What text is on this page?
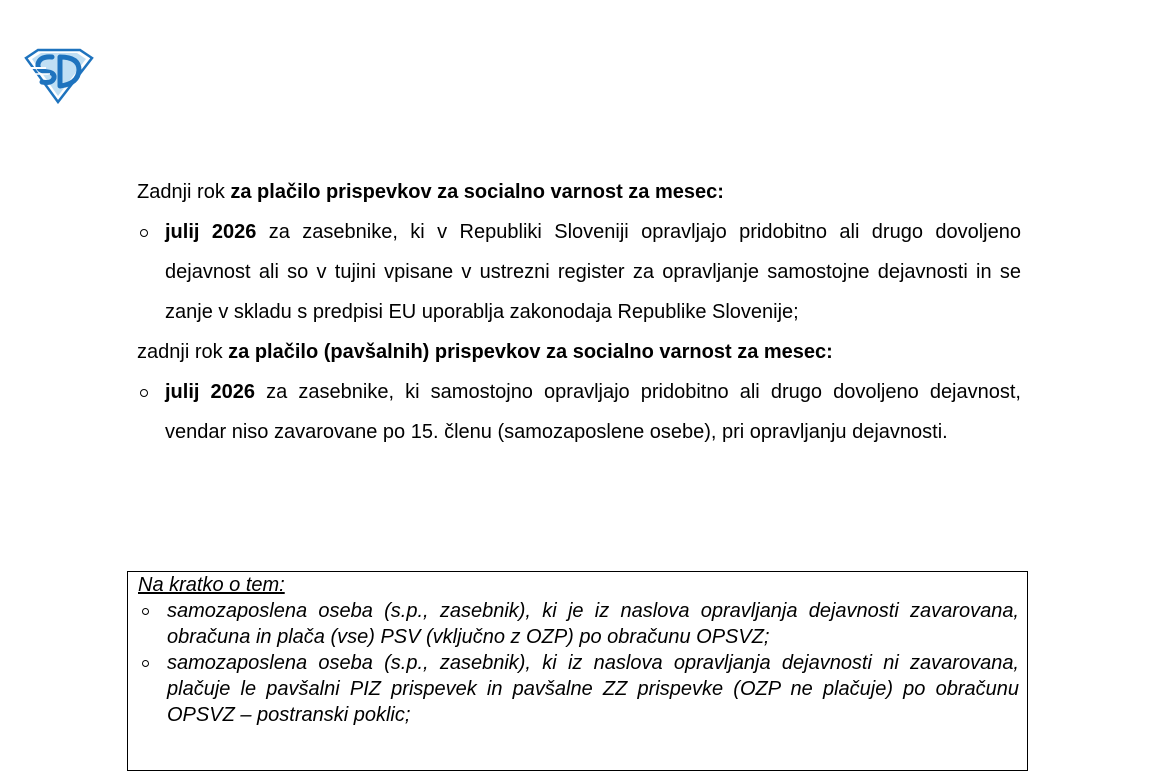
Zadnji rok za plačilo prispevkov za socialno varnost za mesec:

julij 2026 za zasebnike, ki v Republiki Sloveniji opravljajo pridobitno ali drugo dovoljeno dejavnost ali so v tujini vpisane v ustrezni register za opravljanje samostojne dejavnosti in se zanje v skladu s predpisi EU uporablja zakonodaja Republike Slovenije;

zadnji rok za plačilo (pavšalnih) prispevkov za socialno varnost za mesec:

julij 2026 za zasebnike, ki samostojno opravljajo pridobitno ali drugo dovoljeno dejavnost, vendar niso zavarovane po 15. členu (samozaposlene osebe), pri opravljanju dejavnosti.

Na kratko o tem:

samozaposlena oseba (s.p., zasebnik), ki je iz naslova opravljanja dejavnosti zavarovana, obračuna in plača (vse) PSV (vključno z OZP) po obračunu OPSVZ;
samozaposlena oseba (s.p., zasebnik), ki iz naslova opravljanja dejavnosti ni zavarovana, plačuje le pavšalni PIZ prispevek in pavšalne ZZ prispevke (OZP ne plačuje) po obračunu OPSVZ – postranski poklic;
